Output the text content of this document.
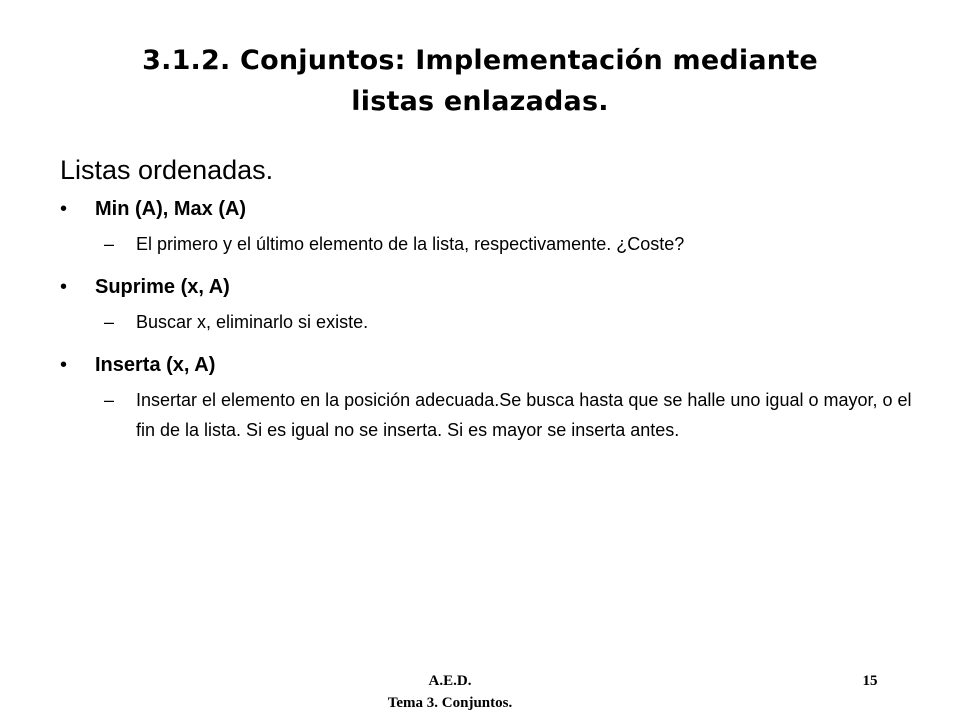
3.1.2. Conjuntos: Implementación mediante
listas enlazadas.
Listas ordenadas.
• Min (A), Max (A)
– El primero y el último elemento de la lista, respectivamente. ¿Coste?
• Suprime (x, A)
– Buscar x, eliminarlo si existe.
• Inserta (x, A)
– Insertar el elemento en la posición adecuada.Se busca hasta que se halle uno igual o mayor, o el fin de la lista. Si es igual no se inserta. Si es mayor se inserta antes.
A.E.D.
Tema 3. Conjuntos.
15
